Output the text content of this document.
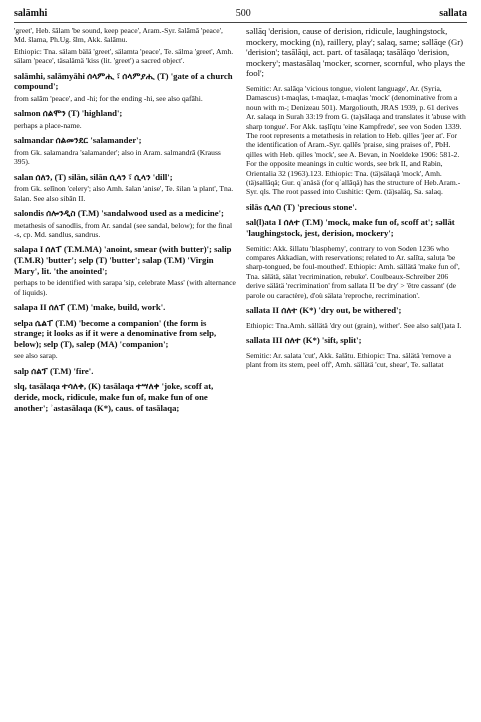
salāmhi	500	sallata

'greet', Heb. šālam 'be sound, keep peace', Aram.-Syr. šəlāmā 'peace', Md. šlama, Ph.Ug. šlm, Akk. šalāmu.

Ethiopic: Tna. sälam bälä 'greet', sälamta 'peace', Te. sälma 'greet', Amh. sälam 'peace', täsalämä 'kiss (lit. 'greet') a sacred object'.

salāmhi, salāmyāhi ሰላምሒ ፣ ሰላምያሒ (T) 'gate of a church compound';

from salām 'peace', and -hi; for the ending -hi, see also qafāhi.

salmon ሰልሞን (T) 'highland';

perhaps a place-name.

salmandar ሰልመንደር 'salamander';

from Gk. salamandra 'salamander'; also in Aram. salmandrā (Krauss 395).

salan ሰለን, (T) silān, silān ሲላን ፣ ሲላን 'dill';

from Gk. selīnon 'celery'; also Amh. šalan 'anise', Te. šilan 'a plant', Tna. šəlan. See also sibān II.

salondis ሰሎንዲስ (T.M) 'sandalwood used as a medicine';

metathesis of sanodlis, from Ar. sandal (see sandal, below); for the final -s, cp. Md. sandlus, sandrus.

salapa I ሰለፐ (T.M.MA) 'anoint, smear (with butter)'; salip (T.M.R) 'butter'; selp (T) 'butter'; salap (T.M) 'Virgin Mary', lit. 'the anointed';

perhaps to be identified with sarapa 'sip, celebrate Mass' (with alternance of liquids).

salapa II ሰለፐ (T.M) 'make, build, work'.

selpa ሴልፐ (T.M) 'become a companion' (the form is strange; it looks as if it were a denominative from selp, below); selp (T), salep (MA) 'companion';

see also sarap.

salp ሰልፕ (T.M) 'fire'.

slq, tasālaqa ተሳለቀ, (K) tasālaqa ተሣለቀ 'joke, scoff at, deride, mock, ridicule, make fun of, make fun of one another'; ʾastasālaqa (K*), caus. of tasālaqa;

sәllāq 'derision, cause of derision, ridicule, laughingstock, mockery, mocking (n), raillery, play'; salaq, same; sәllāqe (Gr) 'derision'; tasālāqi, act. part. of tasālaqa; tasālāqo 'derision, mockery'; mastasālaq 'mocker, scorner, scornful, who plays the fool';

Semitic: Ar. salāqa 'vicious tongue, violent language', Ar. (Syria, Damascus) t-maqlas, t-maqlaz, t-maqlas 'mock' (denominative from a noun with m-; Denizeau 501). Margoliouth, JRAS 1939, p. 61 derives Ar. salaqa in Surah 33:19 from G. (ta)sālaqa and translates it 'abuse with sharp tongue'. For Akk. taṣlīqtu 'eine Kampfrede', see von Soden 1339. The root represents a metathesis in relation to Heb. qilles 'jeer at'. For the identification of Aram.-Syr. qallēs 'praise, sing praises of', PbH. qilles with Heb. qilles 'mock', see A. Bevan, in Noeldeke 1906: 581-2. For the opposite meanings in cultic words, see brk II, and Rabin, Orientalia 32 (1963).123. Ethiopic: Tna. (tä)sälaqä 'mock', Amh. (tä)sallāqä; Gur. qʾanäsä (for qʾallāqä) has the structure of Heb.Aram.-Syr. qls. The root passed into Cushitic: Qem. (tä)saläq, Sa. salaq.

silās ሲላስ (T) 'precious stone'.

sal(l)ata I ሰለተ (T.M) 'mock, make fun of, scoff at'; sәllāt 'laughingstock, jest, derision, mockery';

Semitic: Akk. šillatu 'blasphemy', contrary to von Soden 1236 who compares Akkadian, with reservations; related to Ar. salīta, saluṭa 'be sharp-tongued, be foul-mouthed'. Ethiopic: Amh. sällätä 'make fun of', Tna. sälätä, sälat 'recrimination, rebuke'. Coulbeaux-Schreiber 206 derive sälätä 'recrimination' from sallata II 'be dry' > 'être cassant' (de parole ou caractère), d'où sälata 'reproche, recrimination'.

sallata II ሰለተ (K*) 'dry out, be withered';

Ethiopic: Tna.Amh. sällätä 'dry out (grain), wither'. See also sal(l)ata I.

sallata III ሰለተ (K*) 'sift, split';

Semitic: Ar. salata 'cut', Akk. šalātu. Ethiopic: Tna. sälätä 'remove a plant from its stem, peel off', Amh. sällätä 'cut, shear', Te. sallatat
